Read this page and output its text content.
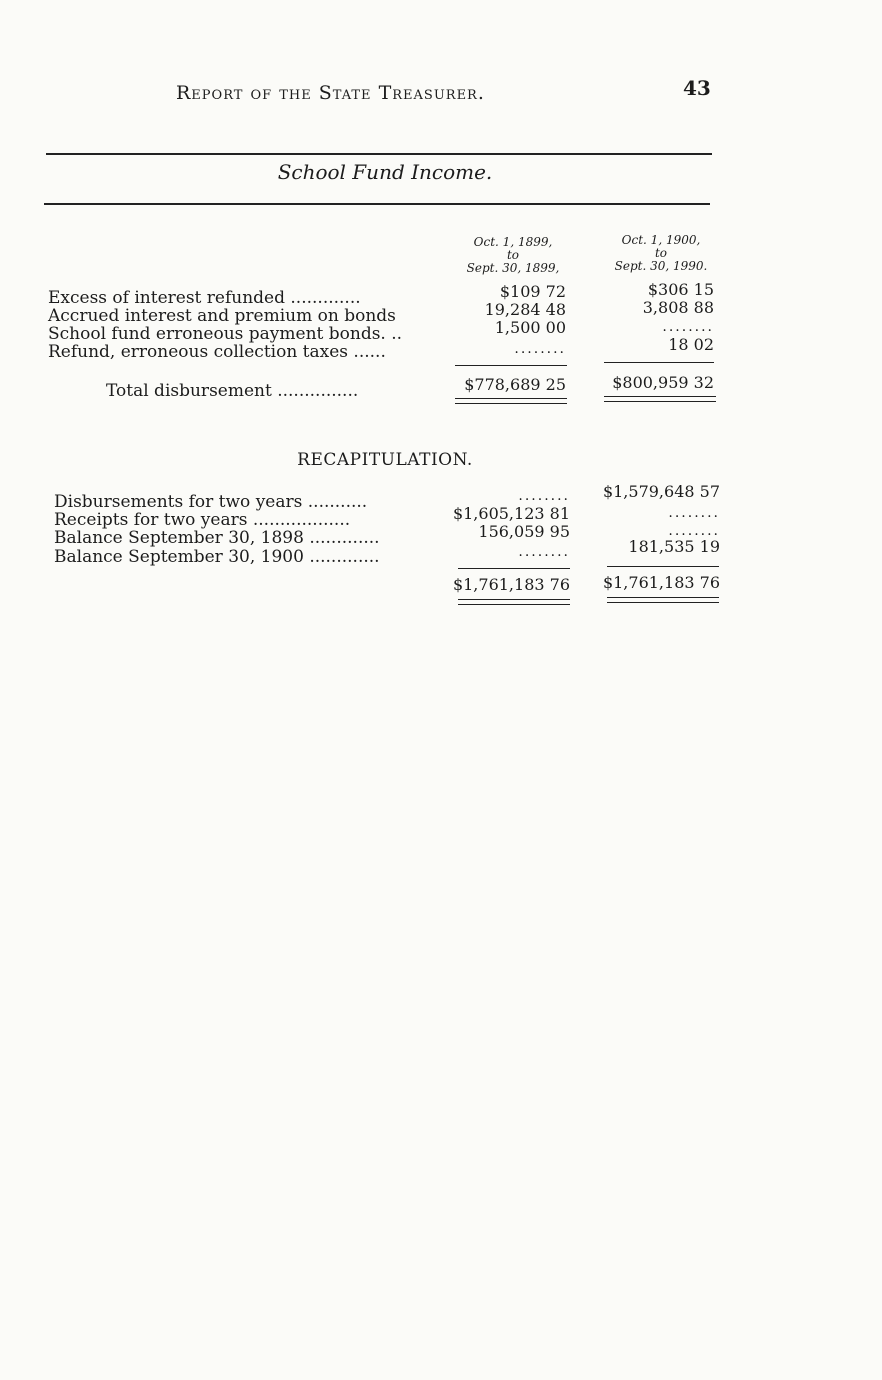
Report of the State Treasurer.	43
School Fund Income.
Oct. 1, 1899,
to
Sept. 30, 1899,
Oct. 1, 1900,
to
Sept. 30, 1990.
Excess of interest refunded .............	$109 72	$306 15
Accrued interest and premium on bonds	19,284 48	3,808 88
School fund erroneous payment bonds. ..	1,500 00	........
Refund, erroneous collection taxes ......	........	18 02
Total disbursement ...............	$778,689 25	$800,959 32
RECAPITULATION.
Disbursements for two years ...........	........	$1,579,648 57
Receipts for two years ..................	$1,605,123 81	........
Balance September 30, 1898 .............	156,059 95	........
Balance September 30, 1900 .............	........	181,535 19
$1,761,183 76	$1,761,183 76
